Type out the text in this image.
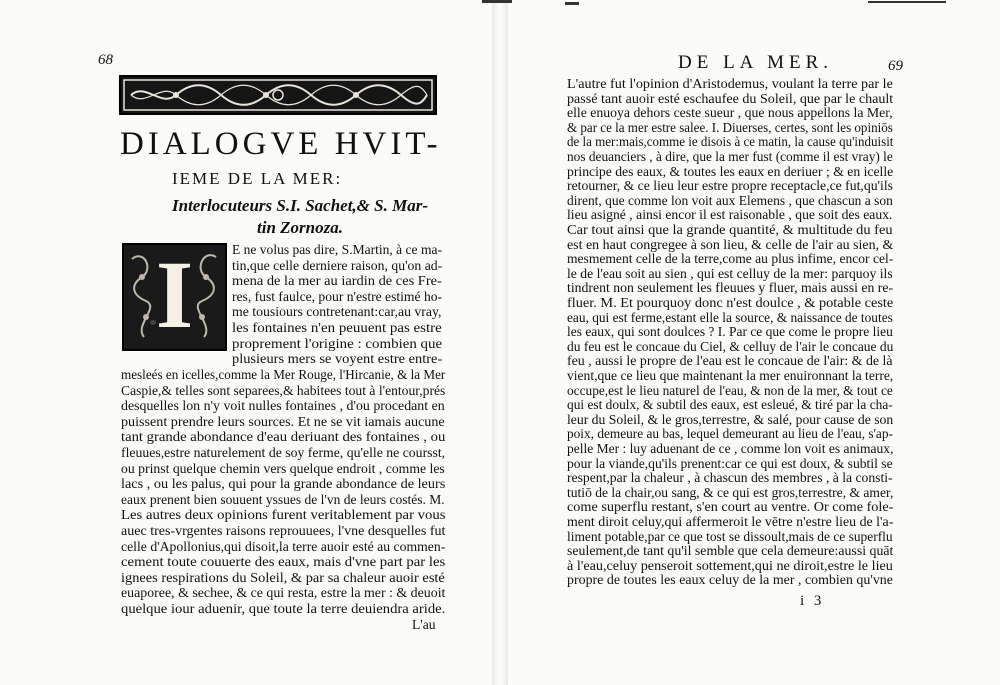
68
DIALOGVE HVIT-
IEME DE LA MER:
Interlocuteurs S.I. Sachet,& S. Mar-
tin Zornoza.
I	E ne volus pas dire, S.Martin, à ce ma-
tin,que celle derniere raison, qu'on ad-
mena de la mer au iardin de ces Fre-
res, fust faulce, pour n'estre estimé ho-
me tousiours contretenant:car,au vray,
les fontaines n'en peuuent pas estre
proprement l'origine : combien que
plusieurs mers se voyent estre entre-
mesleés en icelles,comme la Mer Rouge, l'Hircanie, & la Mer
Caspie,& telles sont separees,& habitees tout à l'entour,prés
desquelles lon n'y voit nulles fontaines , d'ou procedant en
puissent prendre leurs sources. Et ne se vit iamais aucune
tant grande abondance d'eau deriuant des fontaines , ou
fleuues,estre naturelement de soy ferme, qu'elle ne coursst,
ou prinst quelque chemin vers quelque endroit , comme les
lacs , ou les palus, qui pour la grande abondance de leurs
eaux prenent bien souuent yssues de l'vn de leurs costés. M.
Les autres deux opinions furent veritablement par vous
auec tres-vrgentes raisons reprouuees, l'vne desquelles fut
celle d'Apollonius,qui disoit,la terre auoir esté au commen-
cement toute couuerte des eaux, mais d'vne part par les
ignees respirations du Soleil, & par sa chaleur auoir esté
euaporee, & sechee, & ce qui resta, estre la mer : & deuoit
quelque iour aduenir, que toute la terre deuiendra aride.
L'au
DE LA MER.	69
L'autre fut l'opinion d'Aristodemus, voulant la terre par le
passé tant auoir esté eschaufee du Soleil, que par le chault
elle enuoya dehors ceste sueur , que nous appellons la Mer,
& par ce la mer estre salee. I. Diuerses, certes, sont les opiniōs
de la mer:mais,comme ie disois à ce matin, la cause qu'induisit
nos deuanciers , à dire, que la mer fust (comme il est vray) le
principe des eaux, & toutes les eaux en deriuer ; & en icelle
retourner, & ce lieu leur estre propre receptacle,ce fut,qu'ils
dirent, que comme lon voit aux Elemens , que chascun a son
lieu asigné , ainsi encor il est raisonable , que soit des eaux.
Car tout ainsi que la grande quantité, & multitude du feu
est en haut congregee à son lieu, & celle de l'air au sien, &
mesmement celle de la terre,come au plus infime, encor cel-
le de l'eau soit au sien , qui est celluy de la mer: parquoy ils
tindrent non seulement les fleuues y fluer, mais aussi en re-
fluer. M. Et pourquoy donc n'est doulce , & potable ceste
eau, qui est ferme,estant elle la source, & naissance de toutes
les eaux, qui sont doulces ? I. Par ce que come le propre lieu
du feu est le concaue du Ciel, & celluy de l'air le concaue du
feu , aussi le propre de l'eau est le concaue de l'air: & de là
vient,que ce lieu que maintenant la mer enuironnant la terre,
occupe,est le lieu naturel de l'eau, & non de la mer, & tout ce
qui est doulx, & subtil des eaux, est esleué, & tiré par la cha-
leur du Soleil, & le gros,terrestre, & salé, pour cause de son
poix, demeure au bas, lequel demeurant au lieu de l'eau, s'ap-
pelle Mer : luy aduenant de ce , comme lon voit es animaux,
pour la viande,qu'ils prenent:car ce qui est doux, & subtil se
respent,par la chaleur , à chascun des membres , à la consti-
tutiō de la chair,ou sang, & ce qui est gros,terrestre, & amer,
come superflu restant, s'en court au ventre. Or come fole-
ment diroit celuy,qui affermeroit le vētre n'estre lieu de l'a-
liment potable,par ce que tost se dissoult,mais de ce superflu
seulement,de tant qu'il semble que cela demeure:aussi quāt
à l'eau,celuy penseroit sottement,qui ne diroit,estre le lieu
propre de toutes les eaux celuy de la mer , combien qu'vne
i 3
